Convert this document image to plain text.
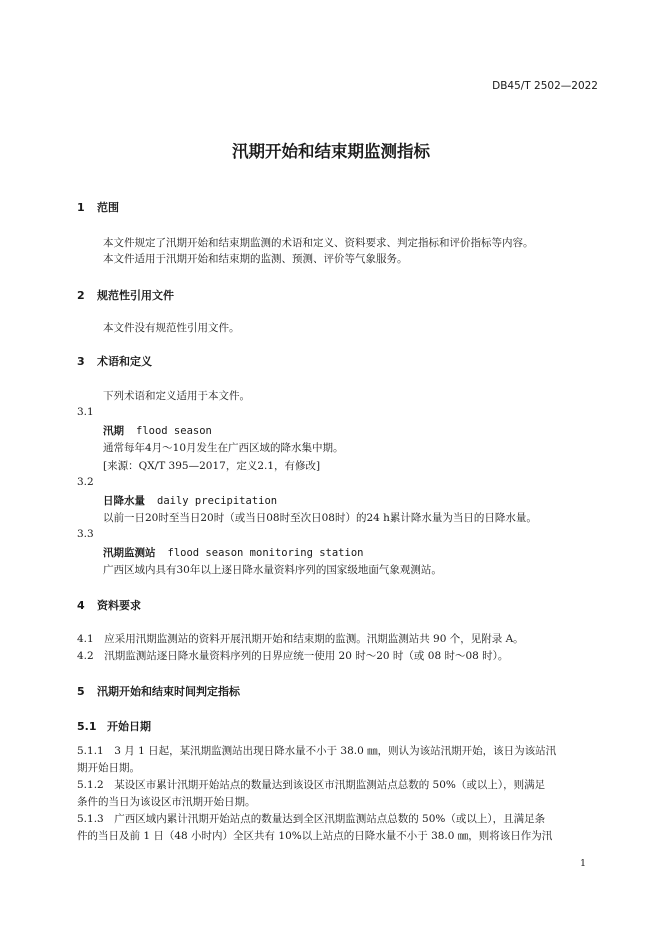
DB45/T 2502—2022
汛期开始和结束期监测指标
1 范围
本文件规定了汛期开始和结束期监测的术语和定义、资料要求、判定指标和评价指标等内容。
本文件适用于汛期开始和结束期的监测、预测、评价等气象服务。
2 规范性引用文件
本文件没有规范性引用文件。
3 术语和定义
下列术语和定义适用于本文件。
3.1
汛期 flood season
通常每年4月～10月发生在广西区域的降水集中期。
[来源：QX/T 395—2017，定义2.1，有修改]
3.2
日降水量 daily precipitation
以前一日20时至当日20时（或当日08时至次日08时）的24 h累计降水量为当日的日降水量。
3.3
汛期监测站 flood season monitoring station
广西区域内具有30年以上逐日降水量资料序列的国家级地面气象观测站。
4 资料要求
4.1　应采用汛期监测站的资料开展汛期开始和结束期的监测。汛期监测站共 90 个，见附录 A。
4.2　汛期监测站逐日降水量资料序列的日界应统一使用 20 时～20 时（或 08 时～08 时）。
5 汛期开始和结束时间判定指标
5.1 开始日期
5.1.1　3 月 1 日起，某汛期监测站出现日降水量不小于 38.0 ㎜，则认为该站汛期开始，该日为该站汛
期开始日期。
5.1.2　某设区市累计汛期开始站点的数量达到该设区市汛期监测站点总数的 50%（或以上），则满足
条件的当日为该设区市汛期开始日期。
5.1.3　广西区域内累计汛期开始站点的数量达到全区汛期监测站点总数的 50%（或以上），且满足条
件的当日及前 1 日（48 小时内）全区共有 10%以上站点的日降水量不小于 38.0 ㎜，则将该日作为汛
1
